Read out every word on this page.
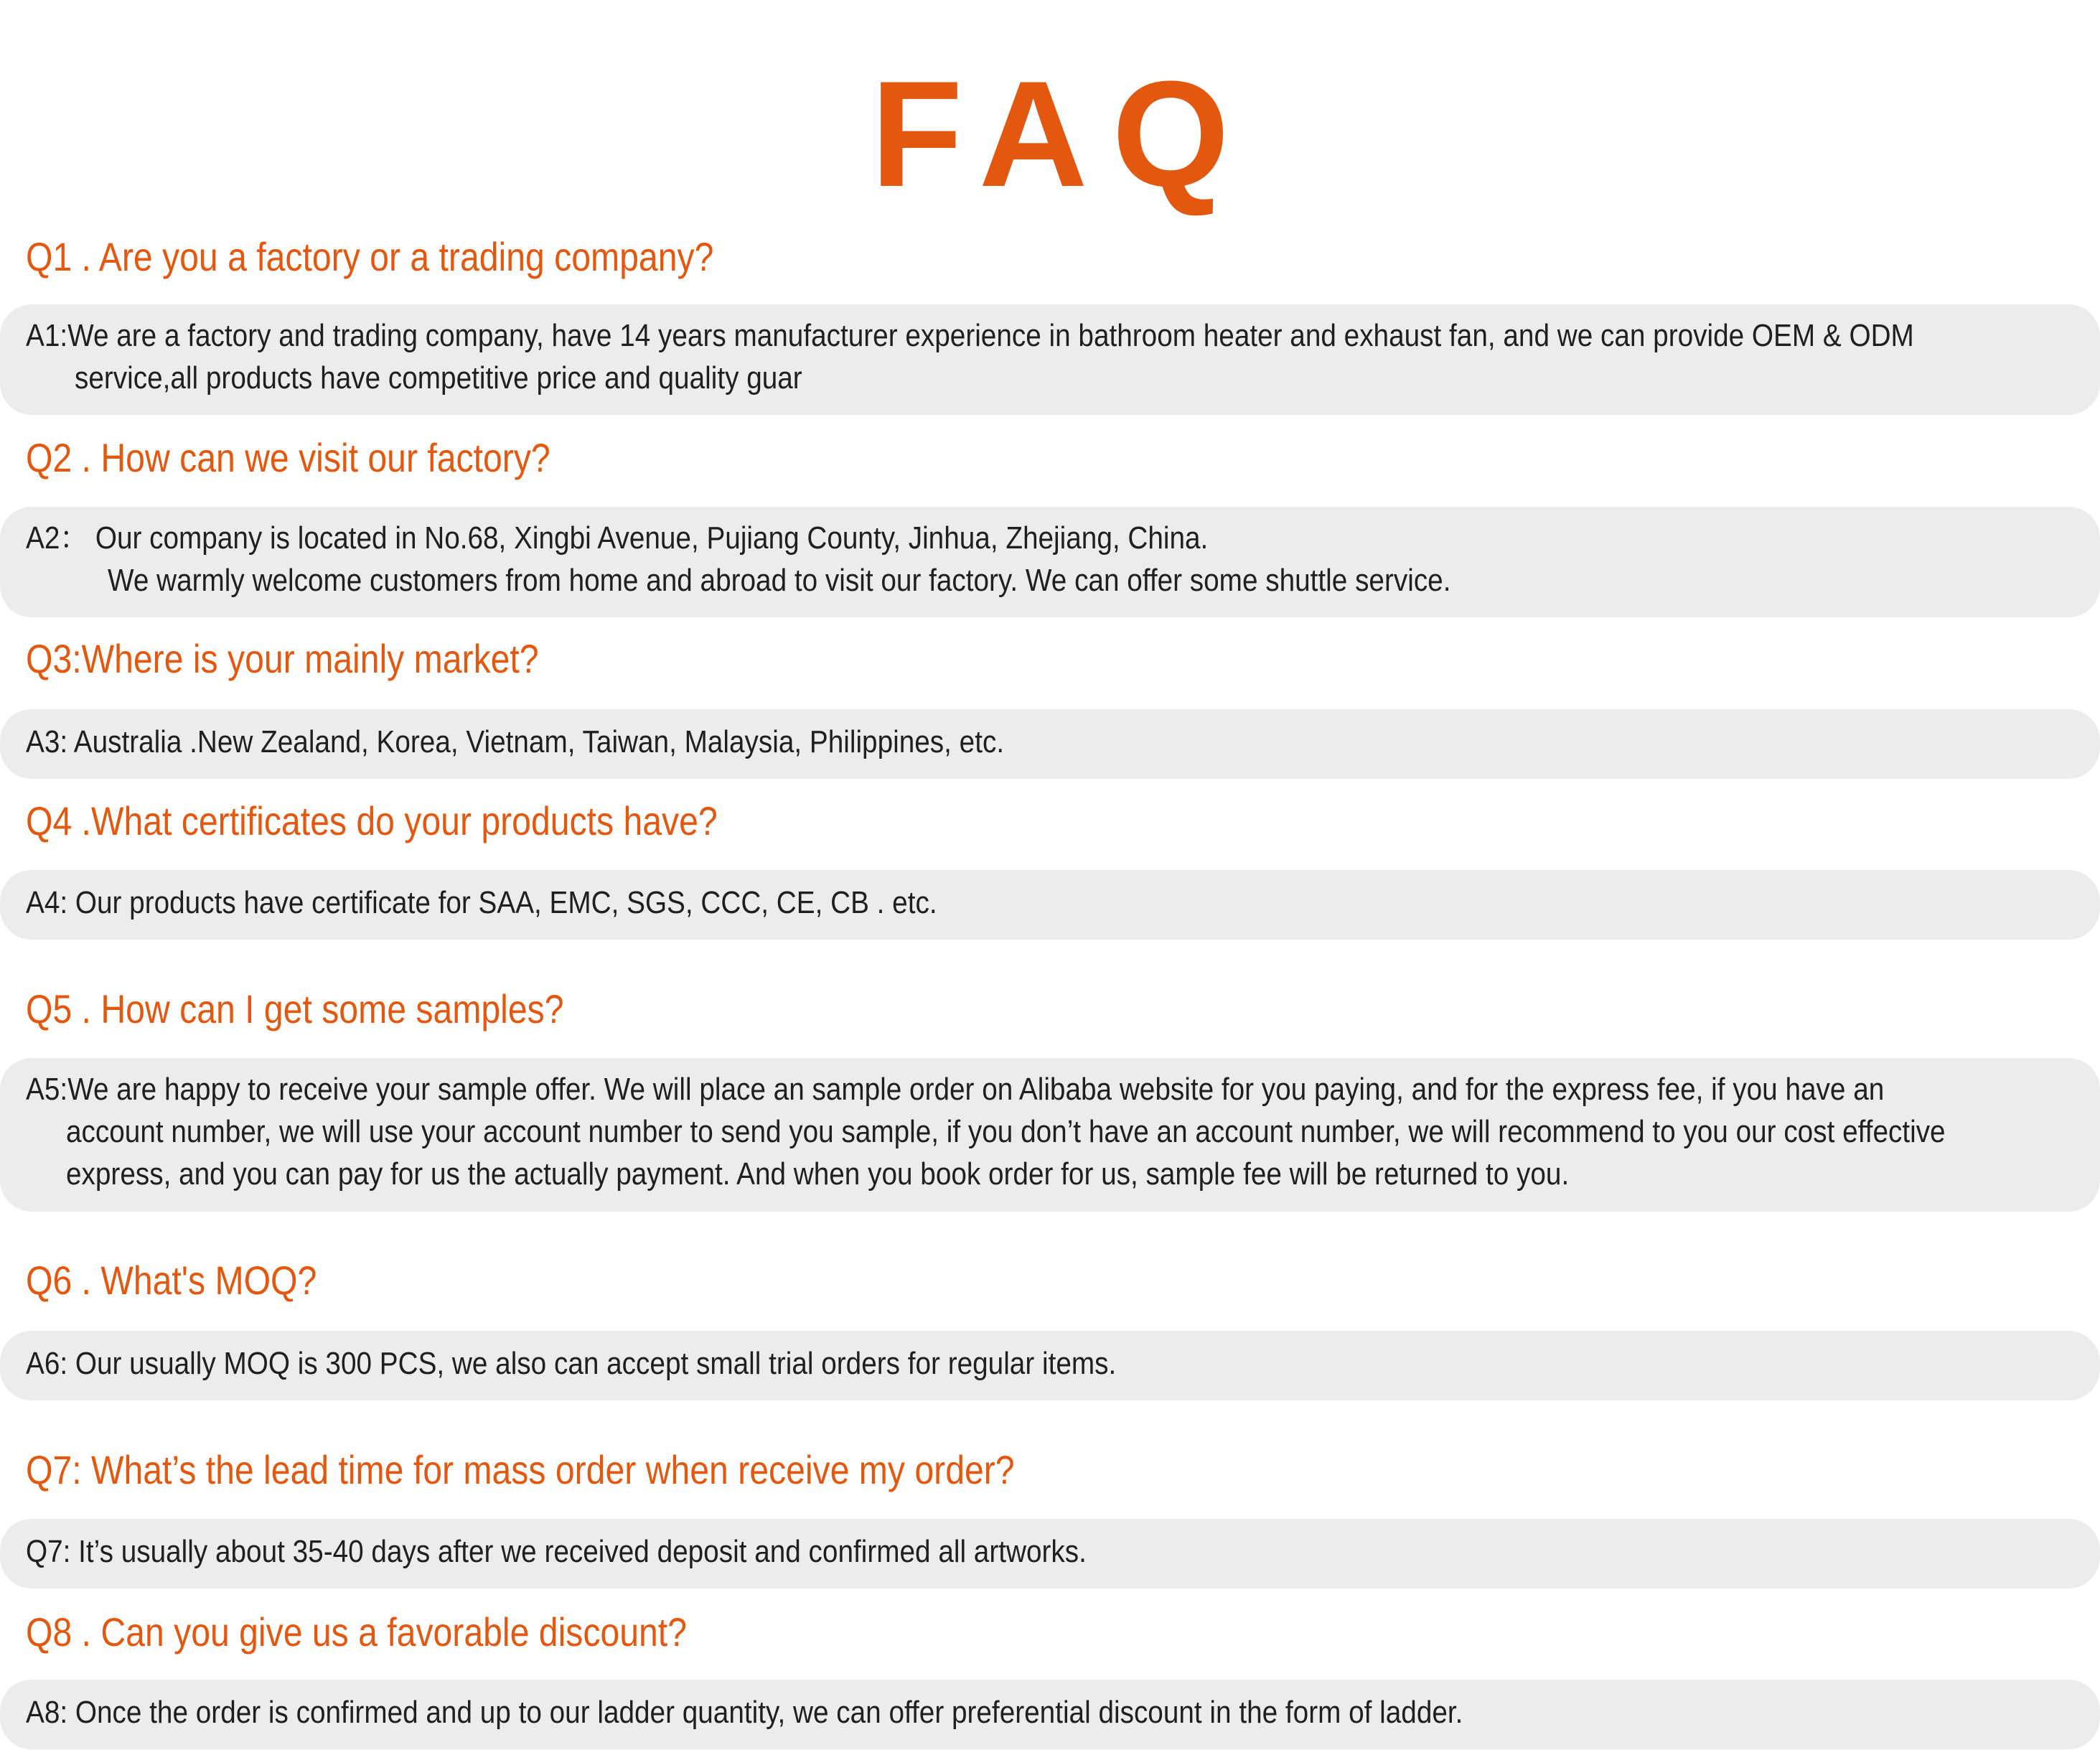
FAQ
Q1 . Are you a factory or a trading company?
A1:We are a factory and trading company, have 14 years manufacturer experience in bathroom heater and exhaust fan, and we can provide OEM & ODM
service,all products have competitive price and quality guar
Q2 . How can we visit our factory?
A2： Our company is located in No.68, Xingbi Avenue, Pujiang County, Jinhua, Zhejiang, China.
We warmly welcome customers from home and abroad to visit our factory. We can offer some shuttle service.
Q3:Where is your mainly market?
A3: Australia .New Zealand, Korea, Vietnam, Taiwan, Malaysia, Philippines, etc.
Q4 .What certificates do your products have?
A4: Our products have certificate for SAA, EMC, SGS, CCC, CE, CB . etc.
Q5 . How can I get some samples?
A5:We are happy to receive your sample offer. We will place an sample order on Alibaba website for you paying, and for the express fee, if you have an
account number, we will use your account number to send you sample, if you don’t have an account number, we will recommend to you our cost effective
express, and you can pay for us the actually payment. And when you book order for us, sample fee will be returned to you.
Q6 . What's MOQ?
A6: Our usually MOQ is 300 PCS, we also can accept small trial orders for regular items.
Q7: What’s the lead time for mass order when receive my order?
Q7: It’s usually about 35-40 days after we received deposit and confirmed all artworks.
Q8 . Can you give us a favorable discount?
A8: Once the order is confirmed and up to our ladder quantity, we can offer preferential discount in the form of ladder.
